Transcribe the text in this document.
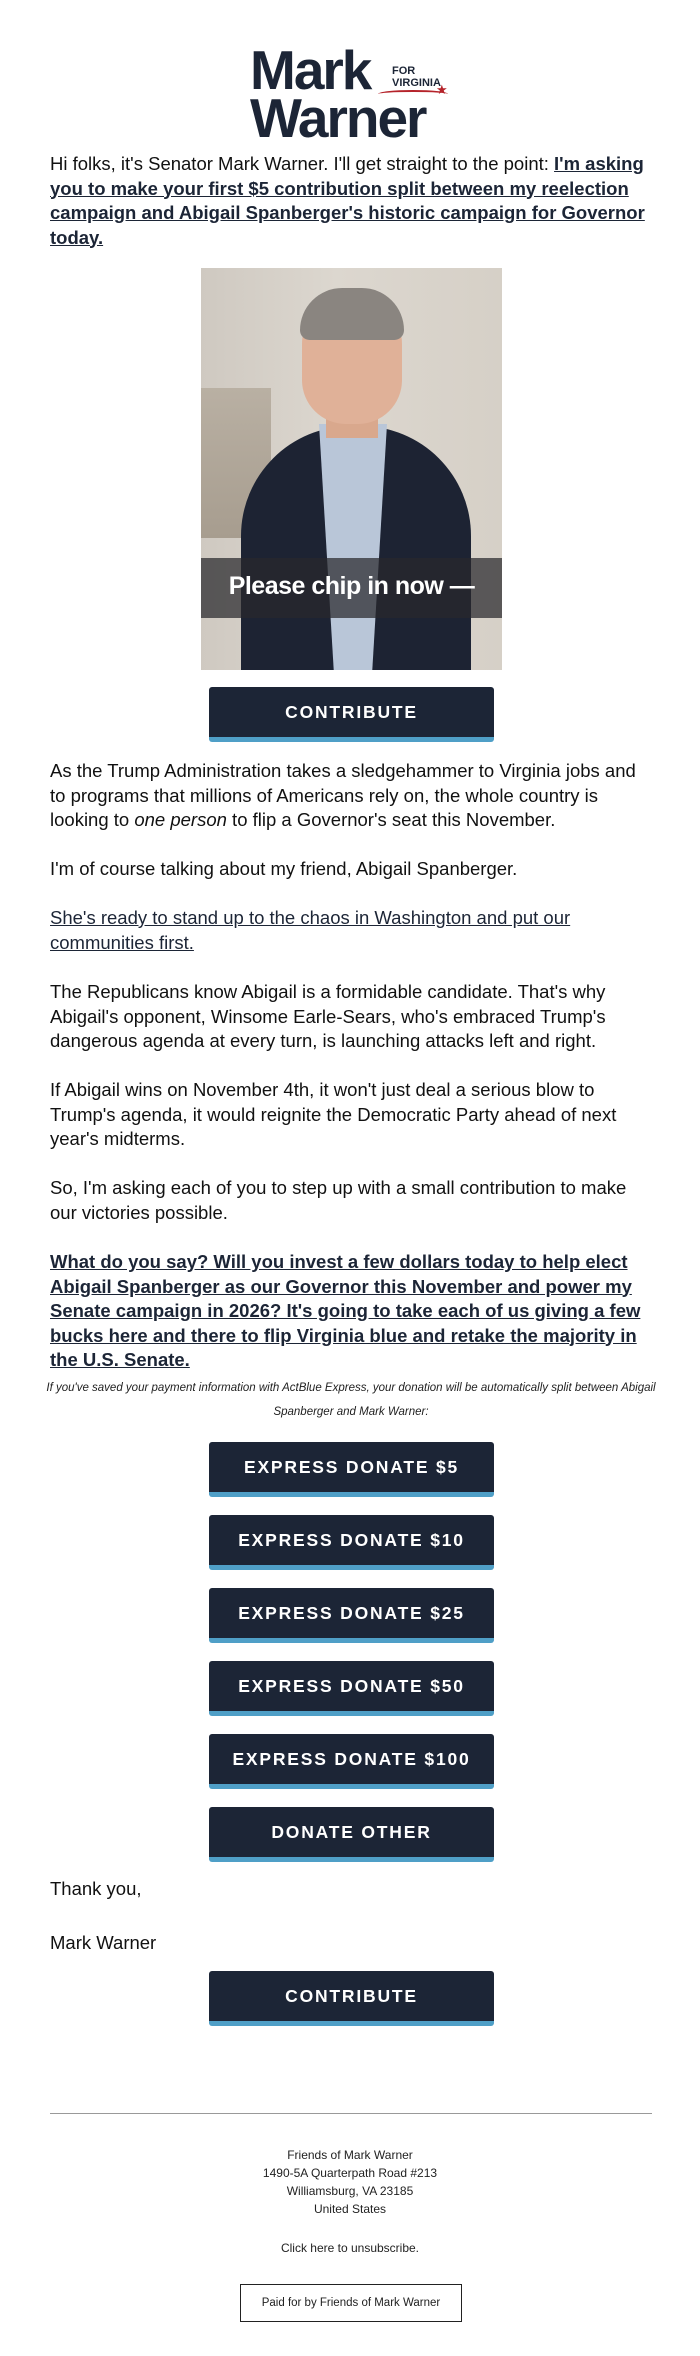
Mark FOR
VIRGINIA
★
Warner

Hi folks, it's Senator Mark Warner. I'll get straight to the point: I'm asking you to make your first $5 contribution split between my reelection campaign and Abigail Spanberger's historic campaign for Governor today.

Please chip in now —
CONTRIBUTE

As the Trump Administration takes a sledgehammer to Virginia jobs and to programs that millions of Americans rely on, the whole country is looking to one person to flip a Governor's seat this November.

I'm of course talking about my friend, Abigail Spanberger.

She's ready to stand up to the chaos in Washington and put our communities first.

The Republicans know Abigail is a formidable candidate. That's why Abigail's opponent, Winsome Earle-Sears, who's embraced Trump's dangerous agenda at every turn, is launching attacks left and right.

If Abigail wins on November 4th, it won't just deal a serious blow to Trump's agenda, it would reignite the Democratic Party ahead of next year's midterms.

So, I'm asking each of you to step up with a small contribution to make our victories possible.

What do you say? Will you invest a few dollars today to help elect Abigail Spanberger as our Governor this November and power my Senate campaign in 2026? It's going to take each of us giving a few bucks here and there to flip Virginia blue and retake the majority in the U.S. Senate.

If you've saved your payment information with ActBlue Express, your donation will be automatically split between Abigail Spanberger and Mark Warner:
EXPRESS DONATE $5
EXPRESS DONATE $10
EXPRESS DONATE $25
EXPRESS DONATE $50
EXPRESS DONATE $100
DONATE OTHER

Thank you,

Mark Warner

CONTRIBUTE
Friends of Mark Warner
1490-5A Quarterpath Road #213
Williamsburg, VA 23185
United States
Click here to unsubscribe.
Paid for by Friends of Mark Warner
